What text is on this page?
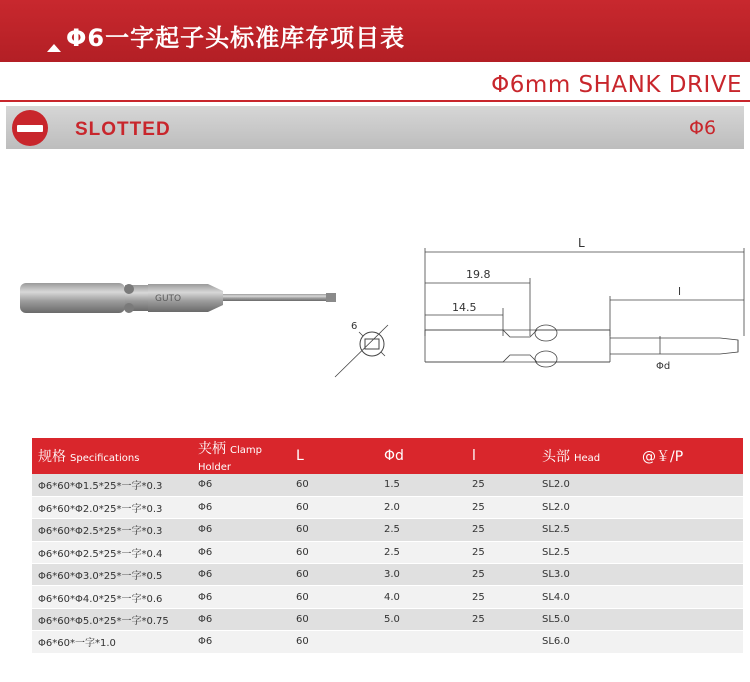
Φ6一字起子头标准库存项目表
Φ6mm SHANK DRIVE
SLOTTED	Φ6
GUTO
6
L
19.8
14.5
l
Φd
规格 Specifications	夹柄 Clamp Holder	L	Φd	l	头部 Head	@￥/P
Φ6*60*Φ1.5*25*一字*0.3	Φ6	60	1.5	25	SL2.0	
Φ6*60*Φ2.0*25*一字*0.3	Φ6	60	2.0	25	SL2.0	
Φ6*60*Φ2.5*25*一字*0.3	Φ6	60	2.5	25	SL2.5	
Φ6*60*Φ2.5*25*一字*0.4	Φ6	60	2.5	25	SL2.5	
Φ6*60*Φ3.0*25*一字*0.5	Φ6	60	3.0	25	SL3.0	
Φ6*60*Φ4.0*25*一字*0.6	Φ6	60	4.0	25	SL4.0	
Φ6*60*Φ5.0*25*一字*0.75	Φ6	60	5.0	25	SL5.0	
Φ6*60*一字*1.0	Φ6	60			SL6.0	
